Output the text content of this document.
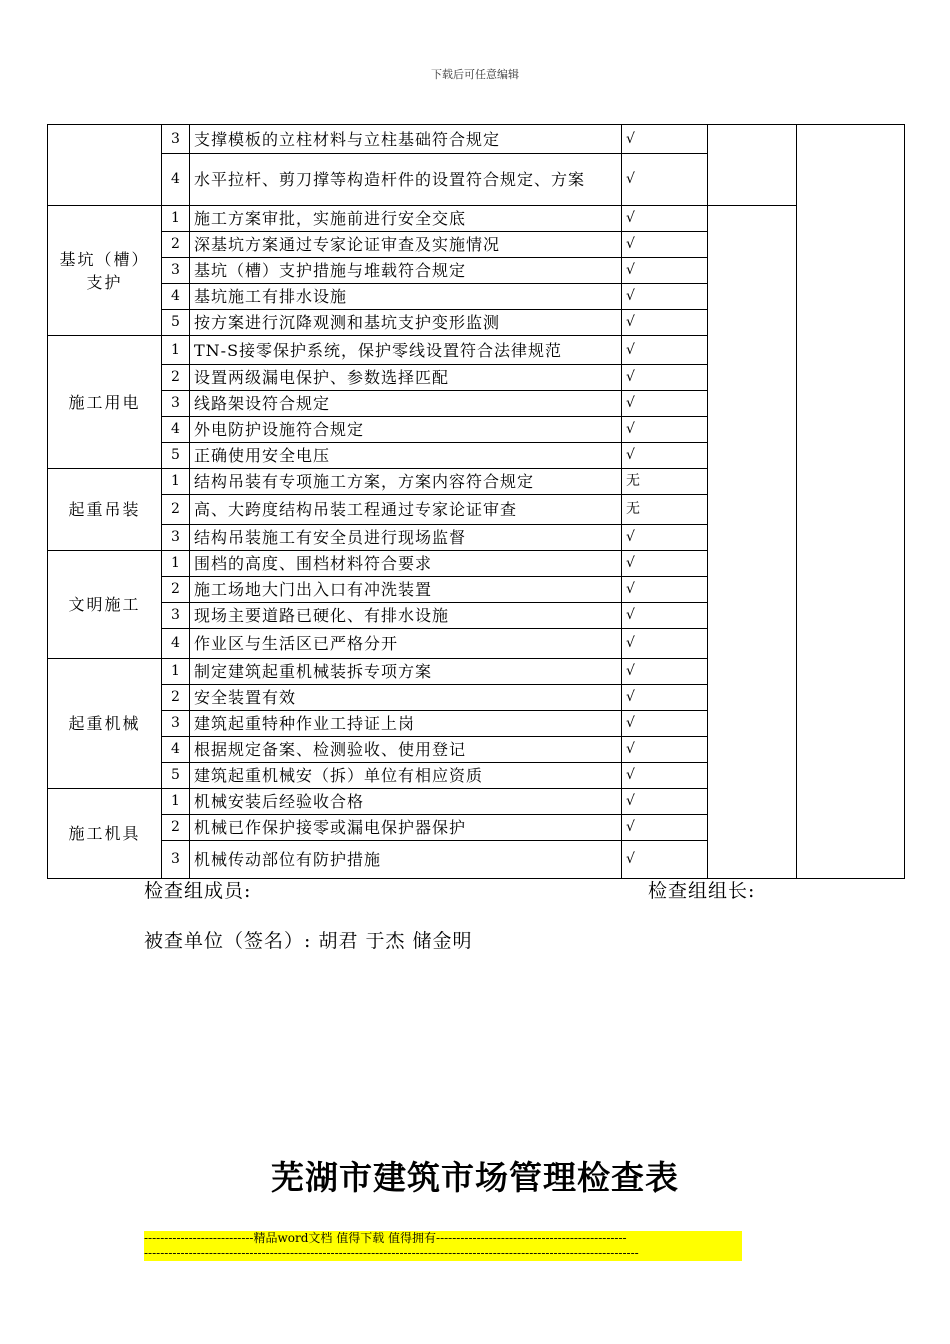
下载后可任意编辑
	3	支撑模板的立柱材料与立柱基础符合规定	√		
	4	水平拉杆、剪刀撑等构造杆件的设置符合规定、方案	√		
基坑（槽）支护	1	施工方案审批，实施前进行安全交底	√		
	2	深基坑方案通过专家论证审查及实施情况	√		
	3	基坑（槽）支护措施与堆载符合规定	√		
	4	基坑施工有排水设施	√		
	5	按方案进行沉降观测和基坑支护变形监测	√		
施工用电	1	TN-S接零保护系统，保护零线设置符合法律规范	√		
	2	设置两级漏电保护、参数选择匹配	√		
	3	线路架设符合规定	√		
	4	外电防护设施符合规定	√		
	5	正确使用安全电压	√		
起重吊装	1	结构吊装有专项施工方案，方案内容符合规定	无		
	2	高、大跨度结构吊装工程通过专家论证审查	无		
	3	结构吊装施工有安全员进行现场监督	√		
文明施工	1	围档的高度、围档材料符合要求	√		
	2	施工场地大门出入口有冲洗装置	√		
	3	现场主要道路已硬化、有排水设施	√		
	4	作业区与生活区已严格分开	√		
起重机械	1	制定建筑起重机械装拆专项方案	√		
	2	安全装置有效	√		
	3	建筑起重特种作业工持证上岗	√		
	4	根据规定备案、检测验收、使用登记	√		
	5	建筑起重机械安（拆）单位有相应资质	√		
施工机具	1	机械安装后经验收合格	√		
	2	机械已作保护接零或漏电保护器保护	√		
	3	机械传动部位有防护措施	√		
检查组成员:	检查组组长:
被查单位（签名）: 胡君 于杰 储金明
芜湖市建筑市场管理检查表
---------------------------精品word文档 值得下载 值得拥有-----------------------------------------------
--------------------------------------------------------------------------------------------------------------------------
